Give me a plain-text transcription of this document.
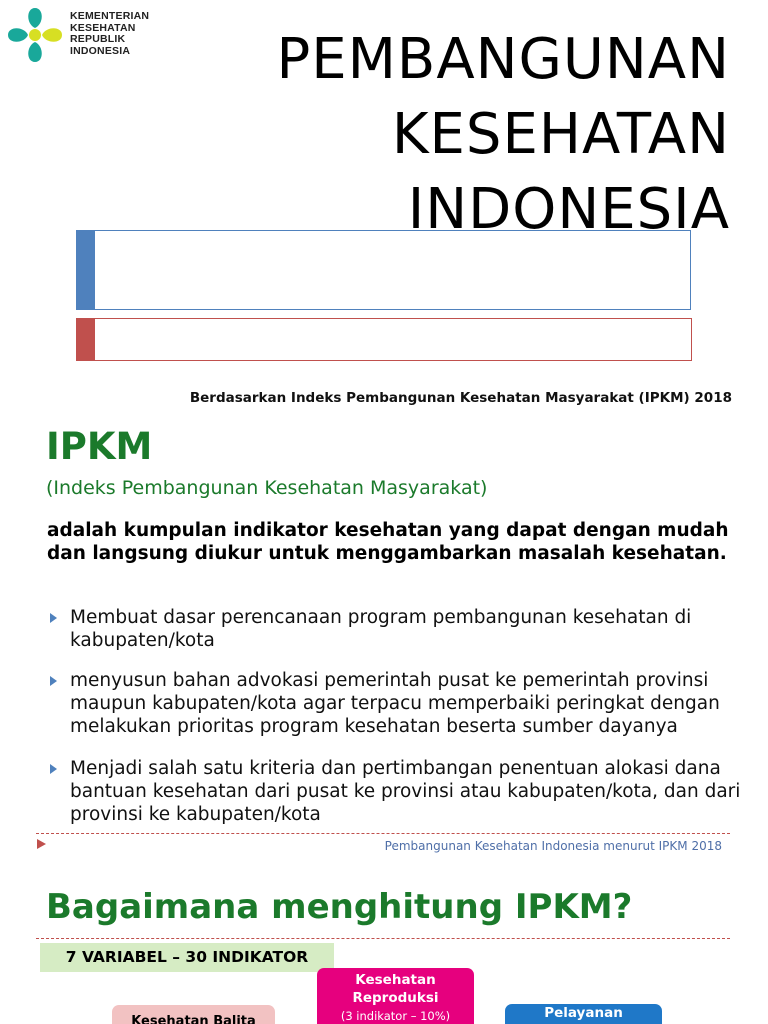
KEMENTERIAN
KESEHATAN
REPUBLIK
INDONESIA	PEMBANGUNAN
KESEHATAN
INDONESIA
Berdasarkan Indeks Pembangunan Kesehatan Masyarakat (IPKM) 2018
IPKM
(Indeks Pembangunan Kesehatan Masyarakat)
adalah kumpulan indikator kesehatan yang dapat dengan mudah dan langsung diukur untuk menggambarkan masalah kesehatan.
Membuat dasar perencanaan program pembangunan kesehatan di kabupaten/kota
menyusun bahan advokasi pemerintah pusat ke pemerintah provinsi maupun kabupaten/kota agar terpacu memperbaiki peringkat dengan melakukan prioritas program kesehatan beserta sumber dayanya
Menjadi salah satu kriteria dan pertimbangan penentuan alokasi dana bantuan kesehatan dari pusat ke provinsi atau kabupaten/kota, dan dari provinsi ke kabupaten/kota
Pembangunan Kesehatan Indonesia menurut IPKM 2018
Bagaimana menghitung IPKM?
7 VARIABEL – 30 INDIKATOR
Kesehatan
Reproduksi
(3 indikator – 10%)
Kesehatan Balita
Pelayanan
